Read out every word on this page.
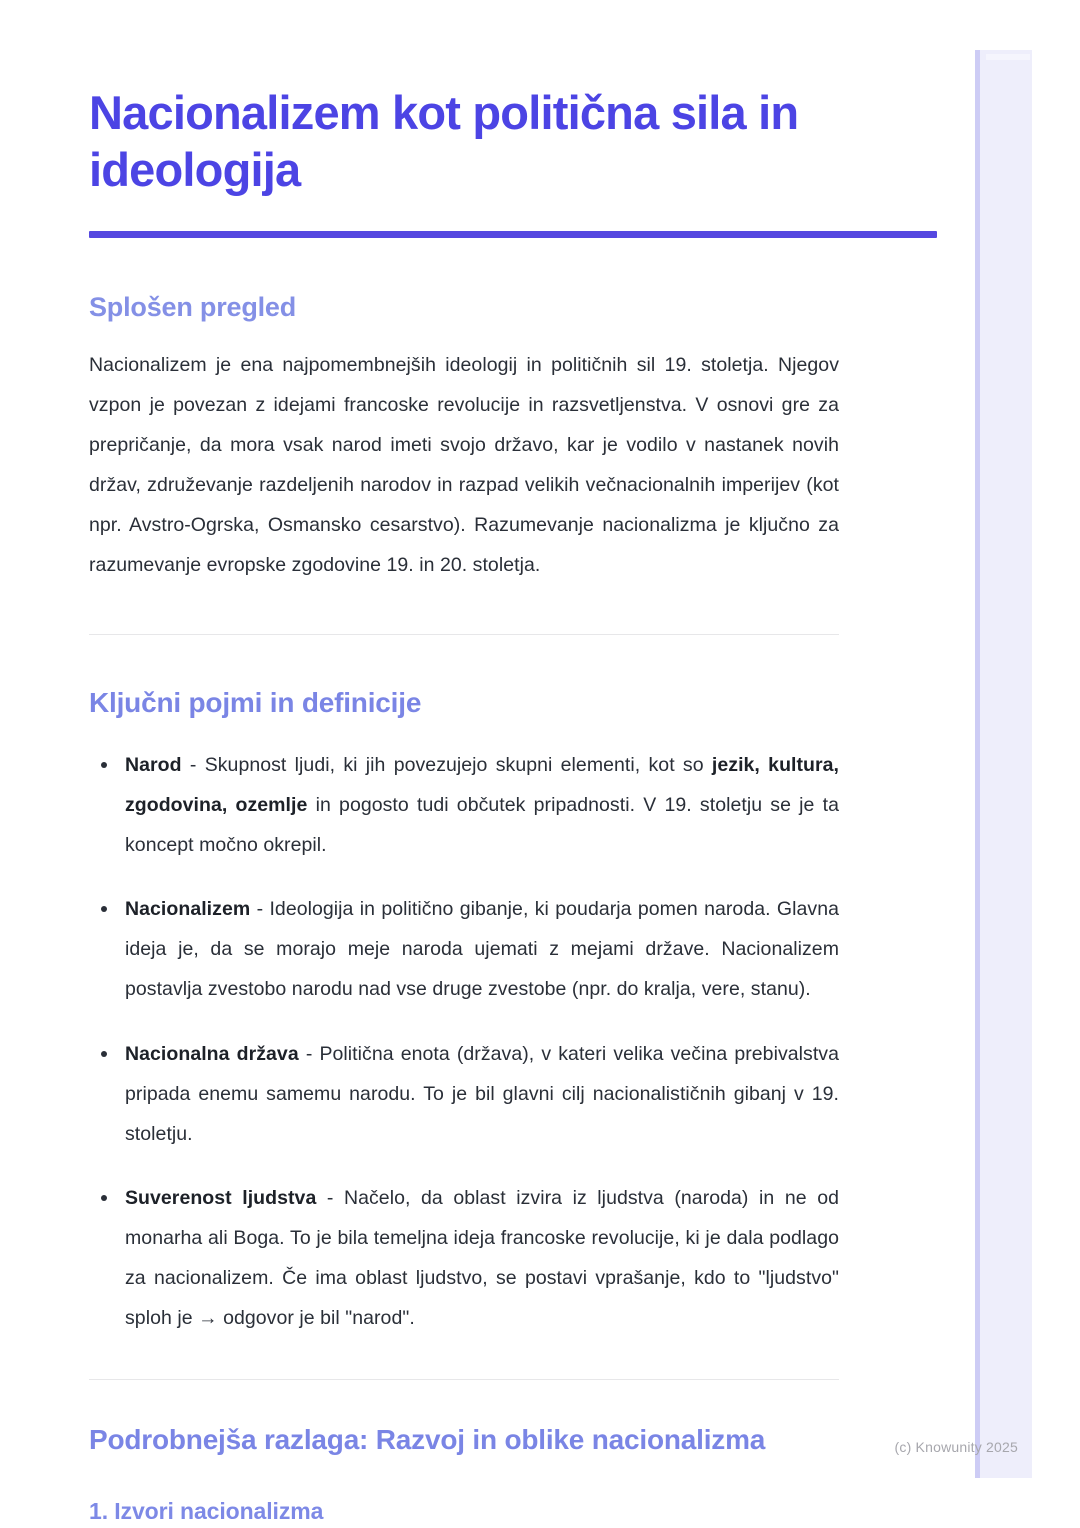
Nacionalizem kot politična sila in ideologija
Splošen pregled

Nacionalizem je ena najpomembnejših ideologij in političnih sil 19. stoletja. Njegov vzpon je povezan z idejami francoske revolucije in razsvetljenstva. V osnovi gre za prepričanje, da mora vsak narod imeti svojo državo, kar je vodilo v nastanek novih držav, združevanje razdeljenih narodov in razpad velikih večnacionalnih imperijev (kot npr. Avstro-Ogrska, Osmansko cesarstvo). Razumevanje nacionalizma je ključno za razumevanje evropske zgodovine 19. in 20. stoletja.

Ključni pojmi in definicije
Narod - Skupnost ljudi, ki jih povezujejo skupni elementi, kot so jezik, kultura, zgodovina, ozemlje in pogosto tudi občutek pripadnosti. V 19. stoletju se je ta koncept močno okrepil.
Nacionalizem - Ideologija in politično gibanje, ki poudarja pomen naroda. Glavna ideja je, da se morajo meje naroda ujemati z mejami države. Nacionalizem postavlja zvestobo narodu nad vse druge zvestobe (npr. do kralja, vere, stanu).
Nacionalna država - Politična enota (država), v kateri velika večina prebivalstva pripada enemu samemu narodu. To je bil glavni cilj nacionalističnih gibanj v 19. stoletju.
Suverenost ljudstva - Načelo, da oblast izvira iz ljudstva (naroda) in ne od monarha ali Boga. To je bila temeljna ideja francoske revolucije, ki je dala podlago za nacionalizem. Če ima oblast ljudstvo, se postavi vprašanje, kdo to "ljudstvo" sploh je → odgovor je bil "narod".
Podrobnejša razlaga: Razvoj in oblike nacionalizma
1. Izvori nacionalizma
(c) Knowunity 2025
